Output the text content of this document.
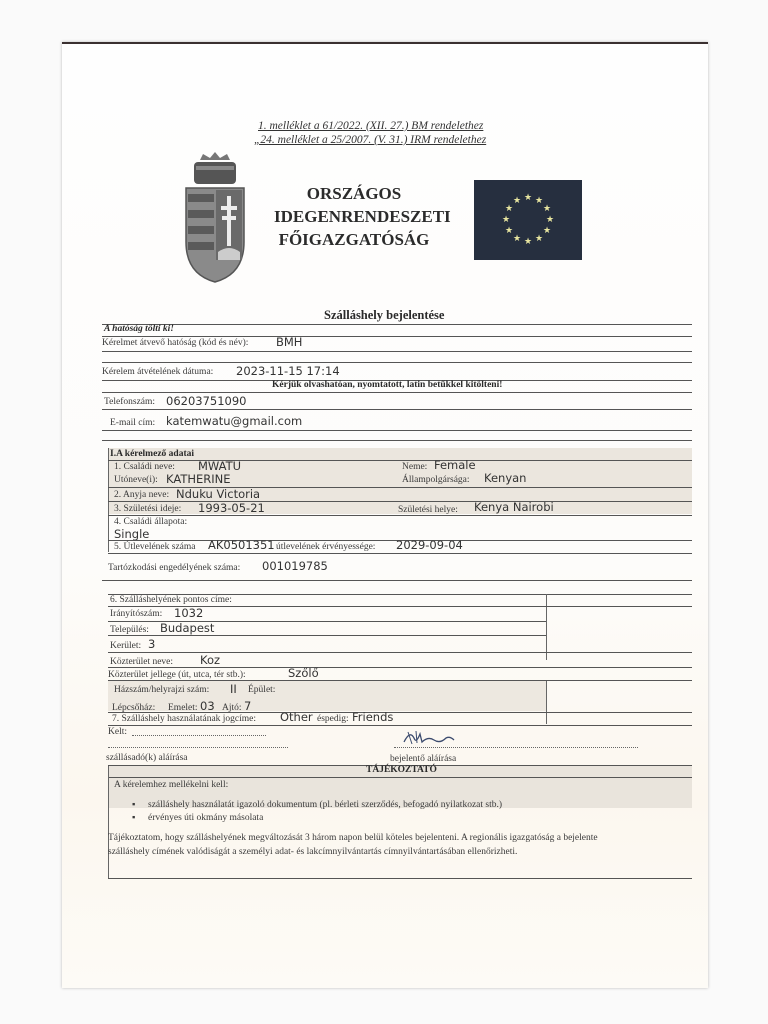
1. melléklet a 61/2022. (XII. 27.) BM rendelethez
„24. melléklet a 25/2007. (V. 31.) IRM rendelethez
ORSZÁGOS
IDEGENRENDESZETI
FŐIGAZGATÓSÁG
★ ★
★
★
★
★
★
★
★
★
★
★
Szálláshely bejelentése
A hatóság tölti ki!
Kérelmet átvevő hatóság (kód és név): BMH
Kérelem átvételének dátuma: 2023-11-15 17:14
Kérjük olvashatóan, nyomtatott, latin betűkkel kitölteni!
Telefonszám: 06203751090
E-mail cím: katemwatu@gmail.com
I.A kérelmező adatai
1. Családi neve: MWATU	Neme: Female
Utóneve(i): KATHERINE	Állampolgársága: Kenyan
2. Anyja neve: Nduku Victoria
3. Születési ideje: 1993-05-21	Születési helye: Kenya Nairobi
4. Családi állapota:
Single
5. Útlevelének száma AK0501351 útlevelének érvényessége: 2029-09-04
Tartózkodási engedélyének száma: 001019785
6. Szálláshelyének pontos címe:
Irányítószám: 1032
Település: Budapest
Kerület: 3
Közterület neve: Koz
Közterület jellege (út, utca, tér stb.):	Szőlő
Házszám/helyrajzi szám: II Épület:
Lépcsőház: Emelet: 03 Ajtó: 7
7. Szálláshely használatának jogcíme: Other éspedig: Friends
Kelt:
szállásadó(k) aláírása	bejelentő aláírása
TÁJÉKOZTATÓ
A kérelemhez mellékelni kell:
▪ szálláshely használatát igazoló dokumentum (pl. bérleti szerződés, befogadó nyilatkozat stb.)
▪ érvényes úti okmány másolata
Tájékoztatom, hogy szálláshelyének megváltozását 3 három napon belül köteles bejelenteni. A regionális igazgatóság a bejelente
szálláshely címének valódiságát a személyi adat- és lakcímnyilvántartás címnyilvántartásában ellenőrizheti.
